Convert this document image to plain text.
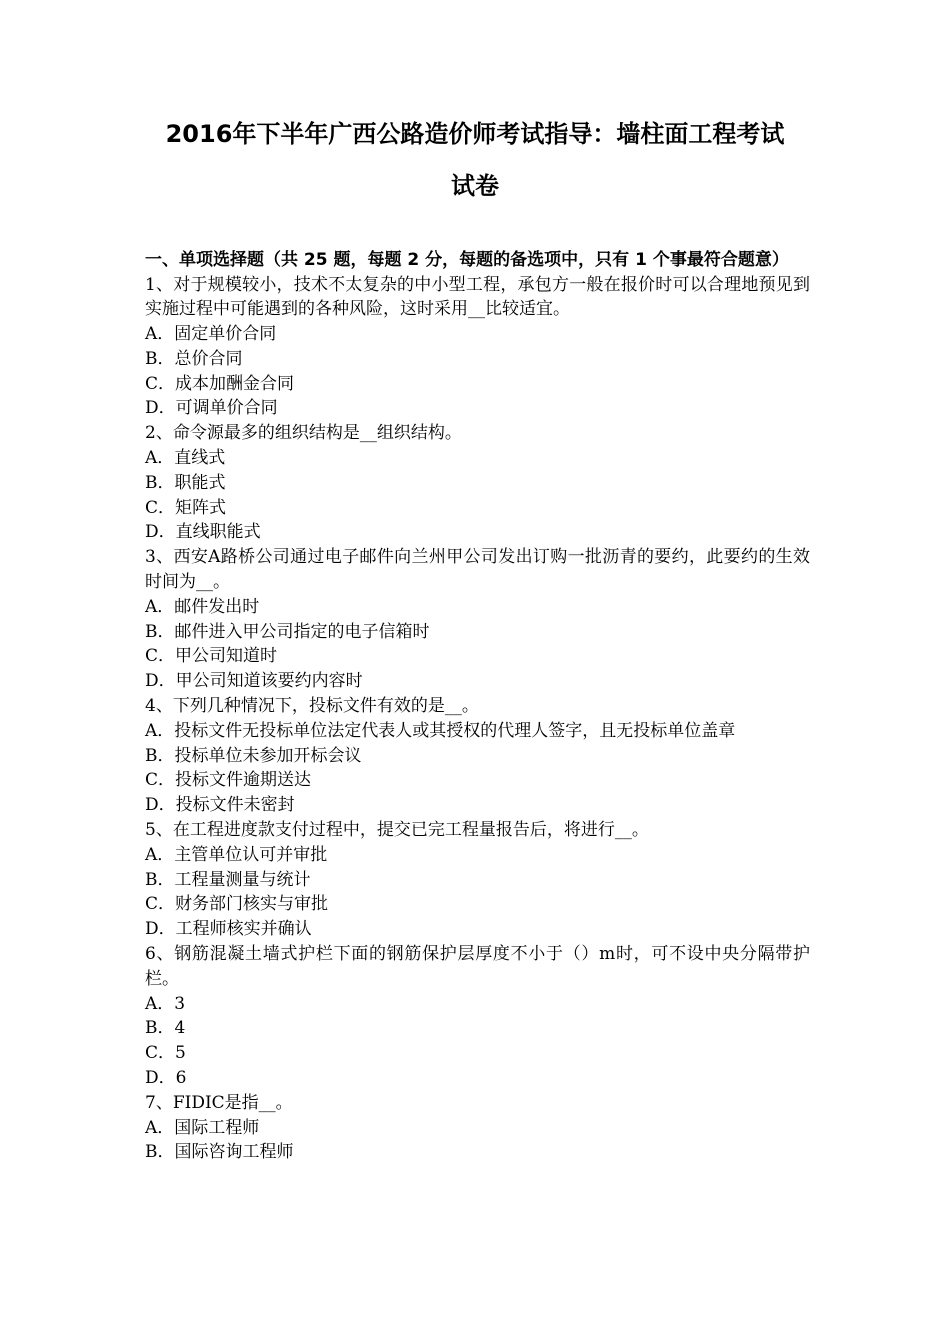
2016年下半年广西公路造价师考试指导：墙柱面工程考试
试卷
一、单项选择题（共 25 题，每题 2 分，每题的备选项中，只有 1 个事最符合题意）
1、对于规模较小，技术不太复杂的中小型工程，承包方一般在报价时可以合理地预见到实施过程中可能遇到的各种风险，这时采用__比较适宜。
A．固定单价合同
B．总价合同
C．成本加酬金合同
D．可调单价合同
2、命令源最多的组织结构是__组织结构。
A．直线式
B．职能式
C．矩阵式
D．直线职能式
3、西安A路桥公司通过电子邮件向兰州甲公司发出订购一批沥青的要约，此要约的生效时间为__。
A．邮件发出时
B．邮件进入甲公司指定的电子信箱时
C．甲公司知道时
D．甲公司知道该要约内容时
4、下列几种情况下，投标文件有效的是__。
A．投标文件无投标单位法定代表人或其授权的代理人签字，且无投标单位盖章
B．投标单位未参加开标会议
C．投标文件逾期送达
D．投标文件未密封
5、在工程进度款支付过程中，提交已完工程量报告后，将进行__。
A．主管单位认可并审批
B．工程量测量与统计
C．财务部门核实与审批
D．工程师核实并确认
6、钢筋混凝土墙式护栏下面的钢筋保护层厚度不小于（）m时，可不设中央分隔带护栏。
A．3
B．4
C．5
D．6
7、FIDIC是指__。
A．国际工程师
B．国际咨询工程师
